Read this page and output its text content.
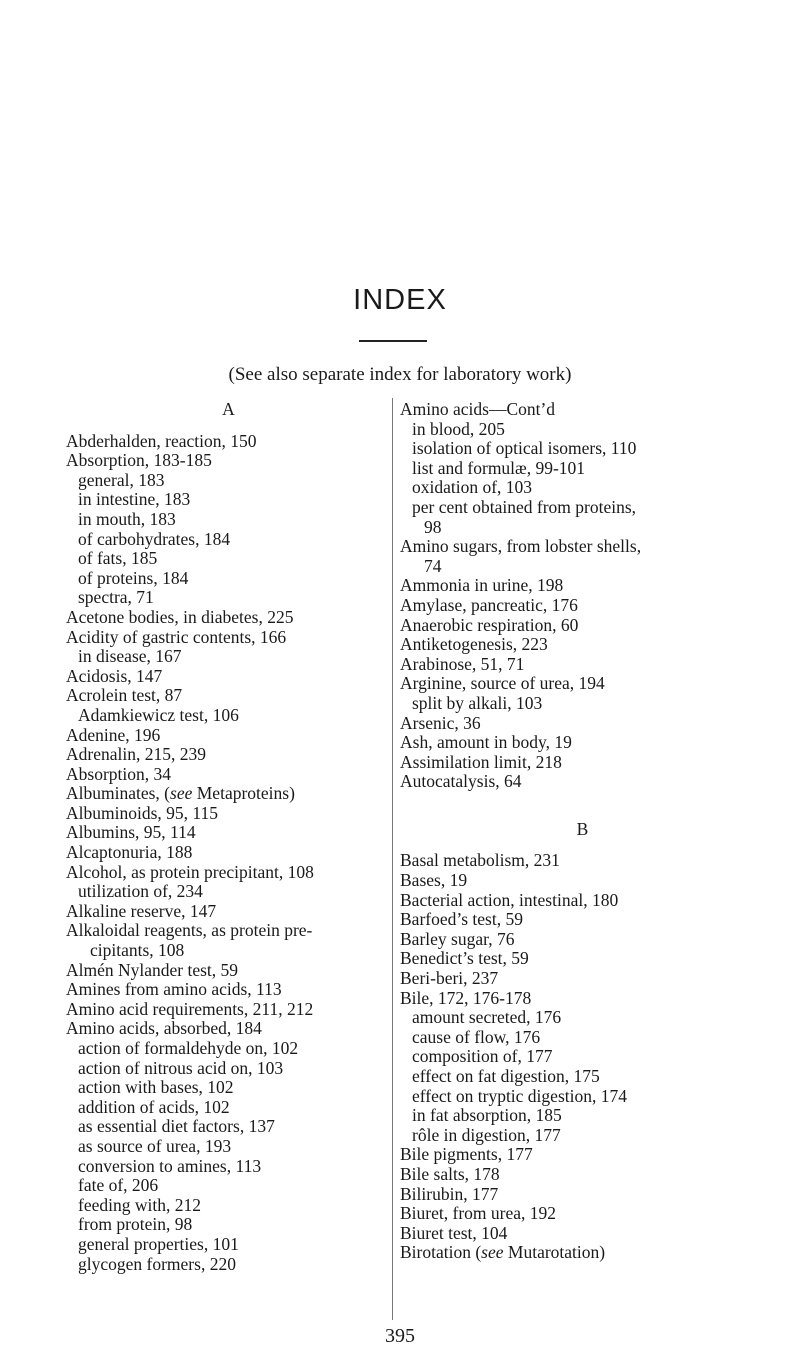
INDEX

(See also separate index for laboratory work)

A
Abderhalden, reaction, 150
Absorption, 183-185
general, 183
in intestine, 183
in mouth, 183
of carbohydrates, 184
of fats, 185
of proteins, 184
spectra, 71
Acetone bodies, in diabetes, 225
Acidity of gastric contents, 166
in disease, 167
Acidosis, 147
Acrolein test, 87
Adamkiewicz test, 106
Adenine, 196
Adrenalin, 215, 239
Absorption, 34
Albuminates, (see Metaproteins)
Albuminoids, 95, 115
Albumins, 95, 114
Alcaptonuria, 188
Alcohol, as protein precipitant, 108
utilization of, 234
Alkaline reserve, 147
Alkaloidal reagents, as protein pre-
cipitants, 108
Almén Nylander test, 59
Amines from amino acids, 113
Amino acid requirements, 211, 212
Amino acids, absorbed, 184
action of formaldehyde on, 102
action of nitrous acid on, 103
action with bases, 102
addition of acids, 102
as essential diet factors, 137
as source of urea, 193
conversion to amines, 113
fate of, 206
feeding with, 212
from protein, 98
general properties, 101
glycogen formers, 220
Amino acids—Cont’d
in blood, 205
isolation of optical isomers, 110
list and formulæ, 99-101
oxidation of, 103
per cent obtained from proteins,
98
Amino sugars, from lobster shells,
74
Ammonia in urine, 198
Amylase, pancreatic, 176
Anaerobic respiration, 60
Antiketogenesis, 223
Arabinose, 51, 71
Arginine, source of urea, 194
split by alkali, 103
Arsenic, 36
Ash, amount in body, 19
Assimilation limit, 218
Autocatalysis, 64
B
Basal metabolism, 231
Bases, 19
Bacterial action, intestinal, 180
Barfoed’s test, 59
Barley sugar, 76
Benedict’s test, 59
Beri-beri, 237
Bile, 172, 176-178
amount secreted, 176
cause of flow, 176
composition of, 177
effect on fat digestion, 175
effect on tryptic digestion, 174
in fat absorption, 185
rôle in digestion, 177
Bile pigments, 177
Bile salts, 178
Bilirubin, 177
Biuret, from urea, 192
Biuret test, 104
Birotation (see Mutarotation)
395
